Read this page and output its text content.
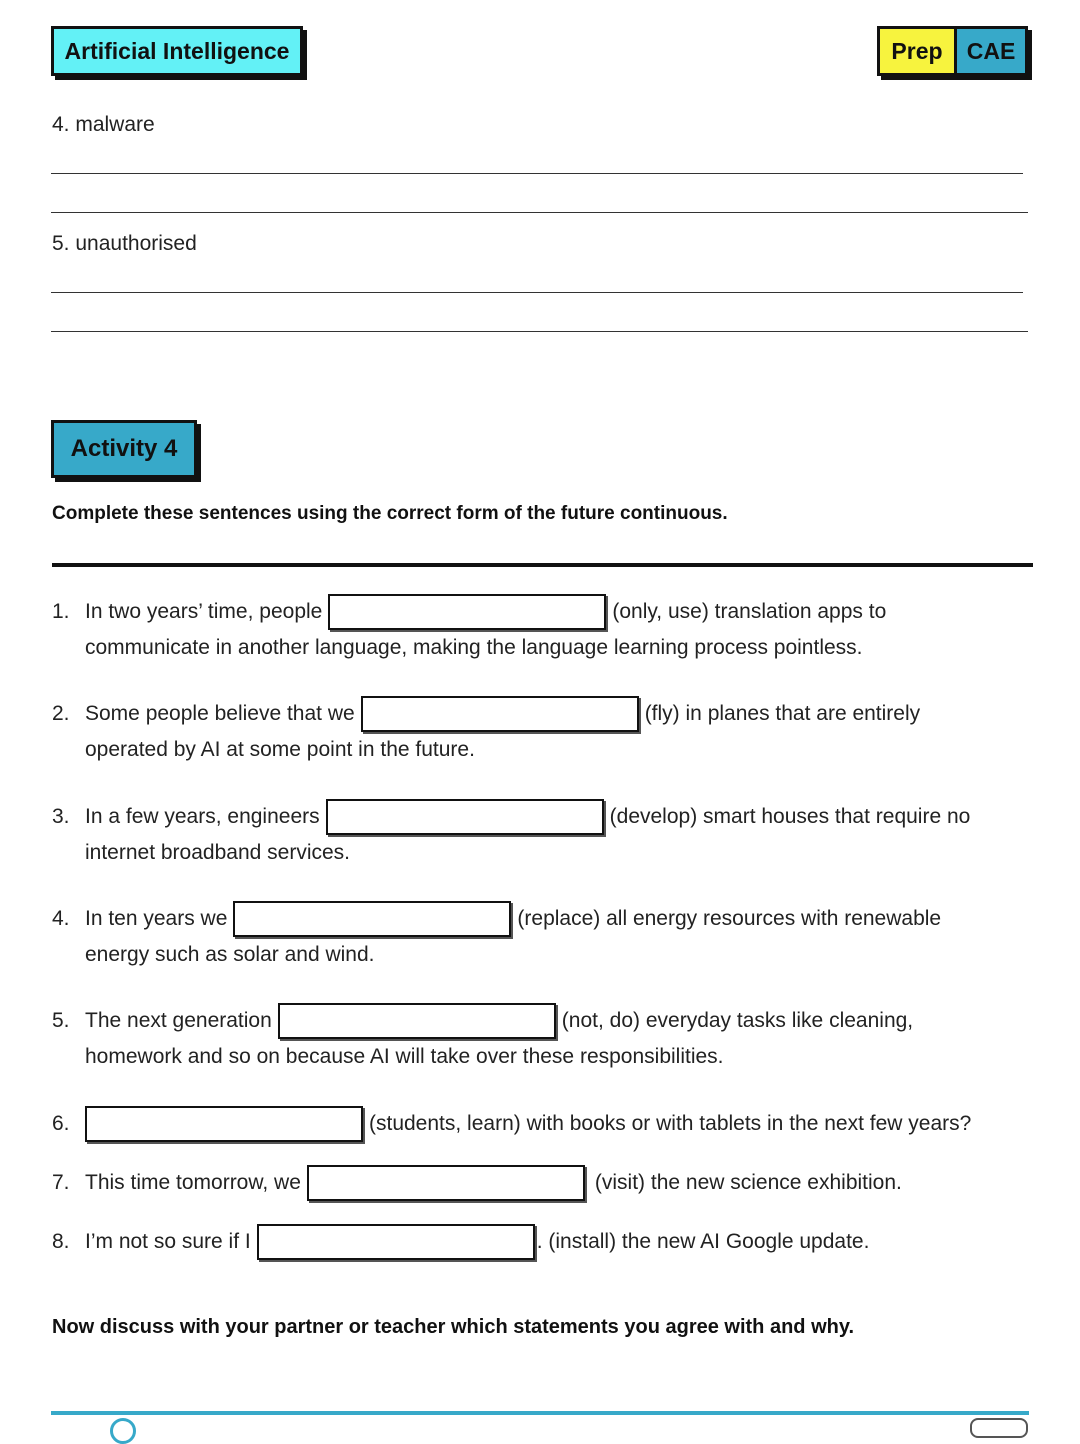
Artificial Intelligence	Prep	CAE
4. malware
5. unauthorised
Activity 4
Complete these sentences using the correct form of the future continuous.
1. In two years’ time, people	(only, use) translation apps to
communicate in another language, making the language learning process pointless.
2. Some people believe that we	(fly) in planes that are entirely
operated by AI at some point in the future.
3. In a few years, engineers	(develop) smart houses that require no
internet broadband services.
4. In ten years we	(replace) all energy resources with renewable
energy such as solar and wind.
5. The next generation	(not, do) everyday tasks like cleaning,
homework and so on because AI will take over these responsibilities.
6.	(students, learn) with books or with tablets in the next few years?
7. This time tomorrow, we	(visit) the new science exhibition.
8. I’m not so sure if I	. (install) the new AI Google update.
Now discuss with your partner or teacher which statements you agree with and why.
